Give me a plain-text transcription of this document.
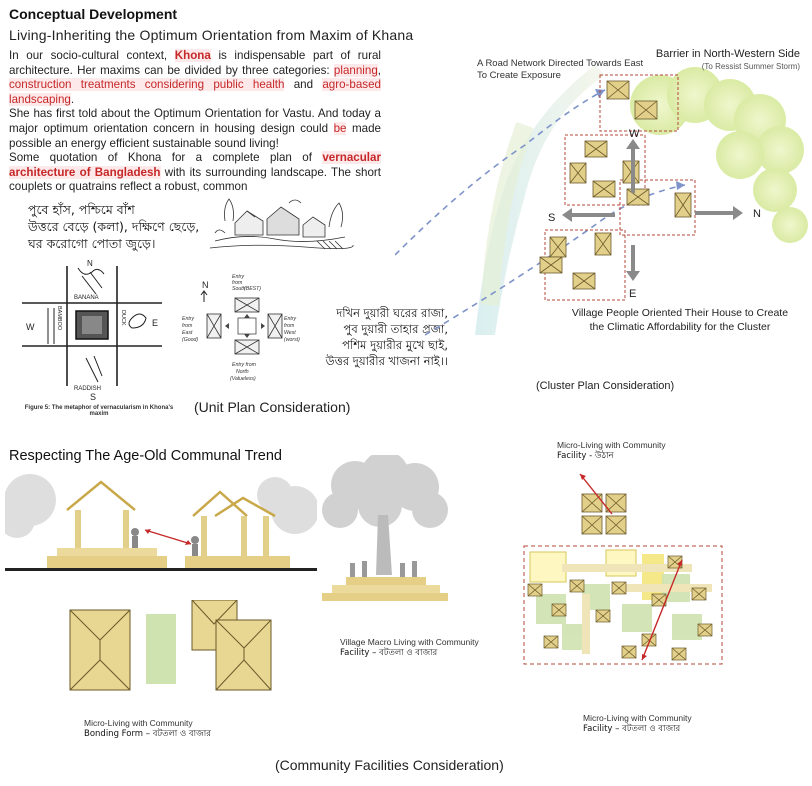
Conceptual Development
Living-Inheriting the Optimum Orientation from Maxim of Khana
In our socio-cultural context, Khona is indispensable part of rural architecture. Her maxims can be divided by three categories: planning, construction treatments considering public health and agro-based landscaping.
She has first told about the Optimum Orientation for Vastu. And today a major optimum orientation concern in housing design could be made possible an energy efficient sustainable sound living!
Some quotation of Khona for a complete plan of vernacular architecture of Bangladesh with its surrounding landscape. The short couplets or quatrains reflect a robust, common
পুবে হাঁস, পশ্চিমে বাঁশ
উত্তরে বেড়ে (কলা), দক্ষিণে ছেড়ে,
ঘর করোগো পোতা জুড়ে।
N
W	E
S
BANANA
BAMBOO	DUCK
RADDISH
Figure 5: The metaphor of vernacularism in Khona's
maxim
N
Entry
from
South
(BEST)
Entry
from
East
(Good)
Entry
from
West
(worst)
Entry from
North
(Valueless)
দখিন দুয়ারী ঘরের রাজা,
পুব দুয়ারী তাহার প্রজা,
পশিম দুয়ারীর মুখে ছাই,
উত্তর দুয়ারীর খাজনা নাই।।
(Unit Plan Consideration)
W
S	N
E
A Road Network Directed Towards East
To Create Exposure
Barrier in North-Western Side
(To Ressist Summer Storm)
Village People Oriented Their House to Create
the Climatic Affordability for the Cluster
(Cluster Plan Consideration)
Respecting The Age-Old Communal Trend
Micro-Living with Community
Bonding Form – বটতলা ও বাজার
Village Macro Living with Community
Facility – বটতলা ও বাজার
Micro-Living with Community
Facility - উঠান
Micro-Living with Community
Facility – বটতলা ও বাজার
(Community Facilities Consideration)
